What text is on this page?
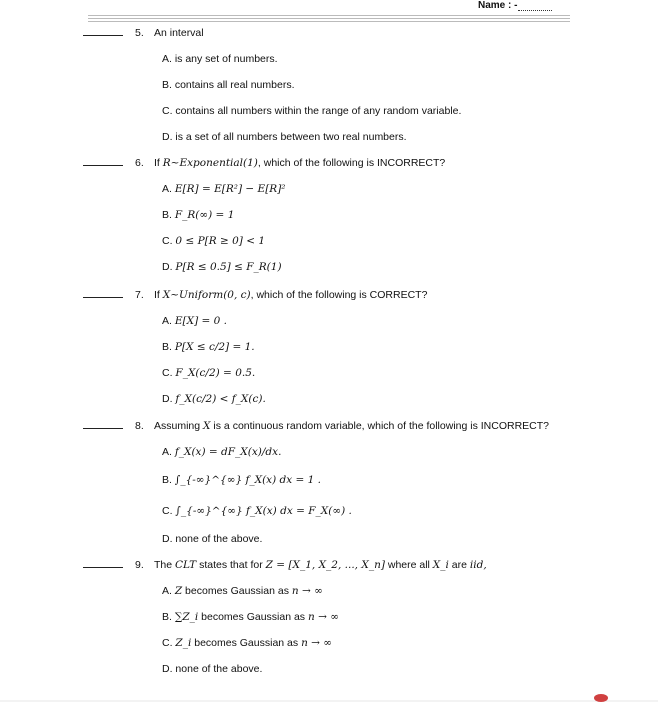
Name : -
5. An interval
A. is any set of numbers.
B. contains all real numbers.
C. contains all numbers within the range of any random variable.
D. is a set of all numbers between two real numbers.
6. If R~Exponential(1), which of the following is INCORRECT?
A. E[R] = E[R²] − E[R]²
B. F_R(∞) = 1
C. 0 ≤ P[R ≥ 0] < 1
D. P[R ≤ 0.5] ≤ F_R(1)
7. If X~Uniform(0, c), which of the following is CORRECT?
A. E[X] = 0 .
B. P[X ≤ c/2] = 1.
C. F_X(c/2) = 0.5.
D. f_X(c/2) < f_X(c).
8. Assuming X is a continuous random variable, which of the following is INCORRECT?
A. f_X(x) = dF_X(x)/dx.
B. ∫_{-∞}^{∞} f_X(x) dx = 1 .
C. ∫_{-∞}^{∞} f_X(x) dx = F_X(∞) .
D. none of the above.
9. The CLT states that for Z = [X_1, X_2, ..., X_n] where all X_i are iid,
A. Z becomes Gaussian as n → ∞
B. ∑Z_i becomes Gaussian as n → ∞
C. Z_i becomes Gaussian as n → ∞
D. none of the above.
